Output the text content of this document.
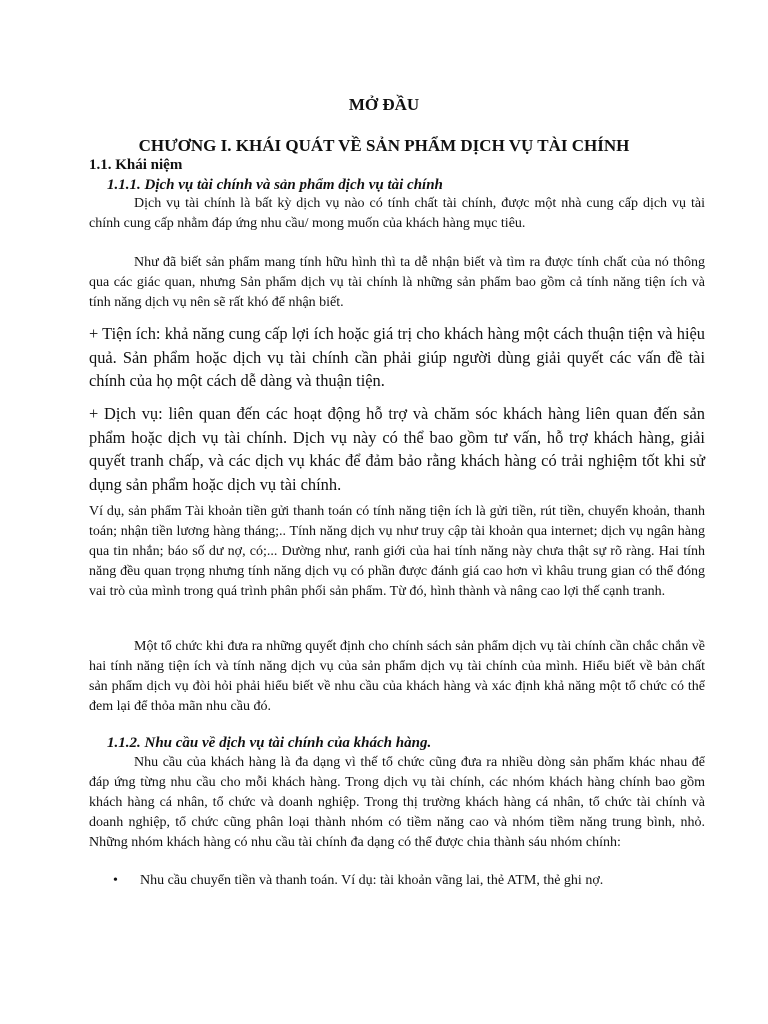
MỞ ĐẦU
CHƯƠNG I. KHÁI QUÁT VỀ SẢN PHẨM DỊCH VỤ TÀI CHÍNH
1.1. Khái niệm
1.1.1. Dịch vụ tài chính và sản phẩm dịch vụ tài chính

Dịch vụ tài chính là bất kỳ dịch vụ nào có tính chất tài chính, được một nhà cung cấp dịch vụ tài chính cung cấp nhằm đáp ứng nhu cầu/ mong muốn của khách hàng mục tiêu.

Như đã biết sản phẩm mang tính hữu hình thì ta dễ nhận biết và tìm ra được tính chất của nó thông qua các giác quan, nhưng Sản phẩm dịch vụ tài chính là những sản phẩm bao gồm cả tính năng tiện ích và tính năng dịch vụ nên sẽ rất khó để nhận biết.

+ Tiện ích: khả năng cung cấp lợi ích hoặc giá trị cho khách hàng một cách thuận tiện và hiệu quả. Sản phẩm hoặc dịch vụ tài chính cần phải giúp người dùng giải quyết các vấn đề tài chính của họ một cách dễ dàng và thuận tiện.

+ Dịch vụ: liên quan đến các hoạt động hỗ trợ và chăm sóc khách hàng liên quan đến sản phẩm hoặc dịch vụ tài chính. Dịch vụ này có thể bao gồm tư vấn, hỗ trợ khách hàng, giải quyết tranh chấp, và các dịch vụ khác để đảm bảo rằng khách hàng có trải nghiệm tốt khi sử dụng sản phẩm hoặc dịch vụ tài chính.

Ví dụ, sản phẩm Tài khoản tiền gửi thanh toán có tính năng tiện ích là gửi tiền, rút tiền, chuyển khoản, thanh toán; nhận tiền lương hàng tháng;.. Tính năng dịch vụ như truy cập tài khoản qua internet; dịch vụ ngân hàng qua tin nhắn; báo số dư nợ, có;... Dường như, ranh giới của hai tính năng này chưa thật sự rõ ràng. Hai tính năng đều quan trọng nhưng tính năng dịch vụ có phần được đánh giá cao hơn vì khâu trung gian có thể đóng vai trò của mình trong quá trình phân phối sản phẩm. Từ đó, hình thành và nâng cao lợi thế cạnh tranh.

Một tổ chức khi đưa ra những quyết định cho chính sách sản phẩm dịch vụ tài chính cần chắc chắn về hai tính năng tiện ích và tính năng dịch vụ của sản phẩm dịch vụ tài chính của mình. Hiểu biết về bản chất sản phẩm dịch vụ đòi hỏi phải hiểu biết về nhu cầu của khách hàng và xác định khả năng một tổ chức có thể đem lại để thỏa mãn nhu cầu đó.

1.1.2. Nhu cầu về dịch vụ tài chính của khách hàng.

Nhu cầu của khách hàng là đa dạng vì thế tổ chức cũng đưa ra nhiều dòng sản phẩm khác nhau để đáp ứng từng nhu cầu cho mỗi khách hàng. Trong dịch vụ tài chính, các nhóm khách hàng chính bao gồm khách hàng cá nhân, tổ chức và doanh nghiệp. Trong thị trường khách hàng cá nhân, tổ chức tài chính và doanh nghiệp, tổ chức cũng phân loại thành nhóm có tiềm năng cao và nhóm tiềm năng trung bình, nhỏ. Những nhóm khách hàng có nhu cầu tài chính đa dạng có thể được chia thành sáu nhóm chính:

• Nhu cầu chuyển tiền và thanh toán. Ví dụ: tài khoản vãng lai, thẻ ATM, thẻ ghi nợ.
